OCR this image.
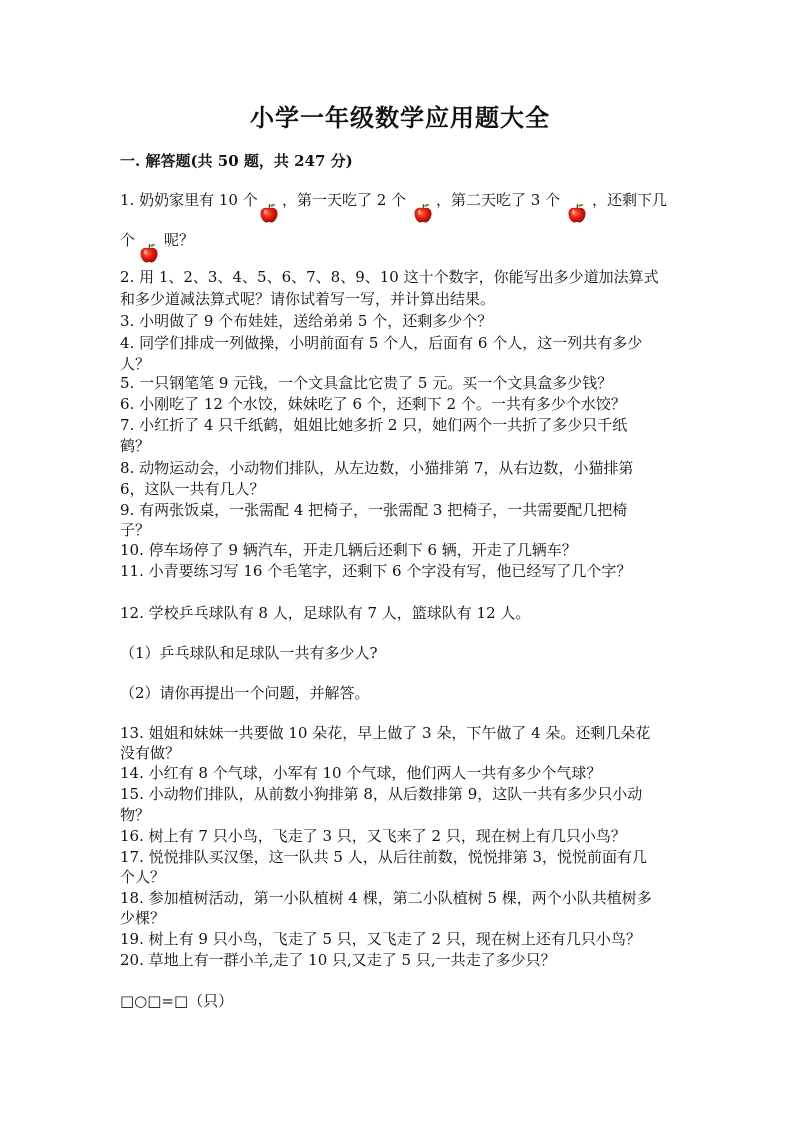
小学一年级数学应用题大全
一. 解答题(共 50 题，共 247 分)
1. 奶奶家里有 10 个 ，第一天吃了 2 个 ，第二天吃了 3 个 ，还剩下几
个 呢？
2. 用 1、2、3、4、5、6、7、8、9、10 这十个数字，你能写出多少道加法算式
和多少道减法算式呢？请你试着写一写，并计算出结果。
3. 小明做了 9 个布娃娃，送给弟弟 5 个，还剩多少个？
4. 同学们排成一列做操，小明前面有 5 个人，后面有 6 个人，这一列共有多少
人？
5. 一只钢笔笔 9 元钱，一个文具盒比它贵了 5 元。买一个文具盒多少钱？
6. 小刚吃了 12 个水饺，妹妹吃了 6 个，还剩下 2 个。一共有多少个水饺？
7. 小红折了 4 只千纸鹤，姐姐比她多折 2 只，她们两个一共折了多少只千纸
鹤？
8. 动物运动会，小动物们排队，从左边数，小猫排第 7，从右边数，小猫排第
6，这队一共有几人？
9. 有两张饭桌，一张需配 4 把椅子，一张需配 3 把椅子，一共需要配几把椅
子？
10. 停车场停了 9 辆汽车，开走几辆后还剩下 6 辆，开走了几辆车？
11. 小青要练习写 16 个毛笔字，还剩下 6 个字没有写，他已经写了几个字？
12. 学校乒乓球队有 8 人，足球队有 7 人，篮球队有 12 人。
（1）乒乓球队和足球队一共有多少人?
（2）请你再提出一个问题，并解答。
13. 姐姐和妹妹一共要做 10 朵花，早上做了 3 朵，下午做了 4 朵。还剩几朵花
没有做？
14. 小红有 8 个气球，小军有 10 个气球，他们两人一共有多少个气球？
15. 小动物们排队，从前数小狗排第 8，从后数排第 9，这队一共有多少只小动
物？
16. 树上有 7 只小鸟，飞走了 3 只，又飞来了 2 只，现在树上有几只小鸟？
17. 悦悦排队买汉堡，这一队共 5 人，从后往前数，悦悦排第 3，悦悦前面有几
个人？
18. 参加植树活动，第一小队植树 4 棵，第二小队植树 5 棵，两个小队共植树多
少棵？
19. 树上有 9 只小鸟，飞走了 5 只，又飞走了 2 只，现在树上还有几只小鸟？
20. 草地上有一群小羊,走了 10 只,又走了 5 只,一共走了多少只？
□○□=□（只）
